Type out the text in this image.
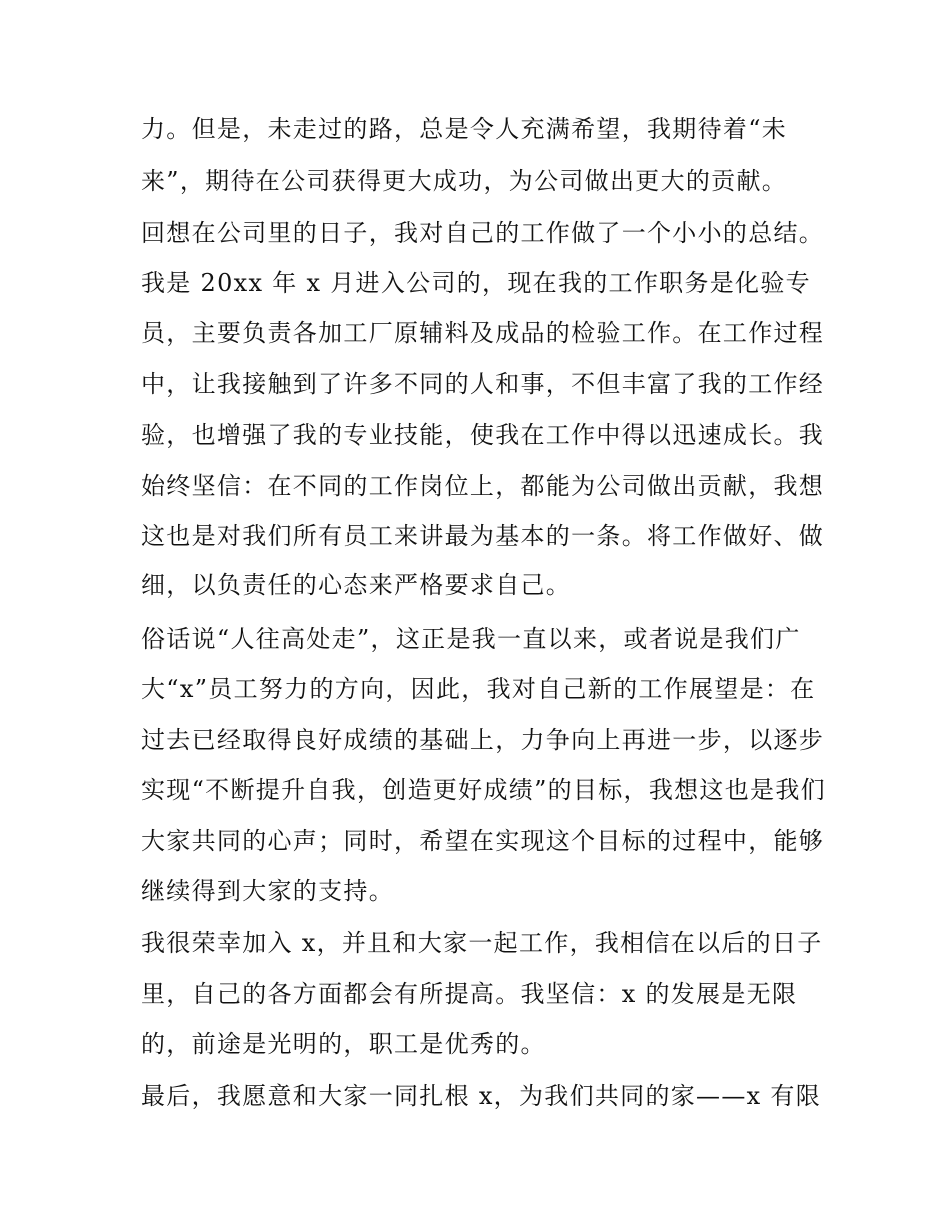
力。但是，未走过的路，总是令人充满希望，我期待着“未
来”，期待在公司获得更大成功，为公司做出更大的贡献。
回想在公司里的日子，我对自己的工作做了一个小小的总结。
我是 20xx 年 x 月进入公司的，现在我的工作职务是化验专
员，主要负责各加工厂原辅料及成品的检验工作。在工作过程
中，让我接触到了许多不同的人和事，不但丰富了我的工作经
验，也增强了我的专业技能，使我在工作中得以迅速成长。我
始终坚信：在不同的工作岗位上，都能为公司做出贡献，我想
这也是对我们所有员工来讲最为基本的一条。将工作做好、做
细，以负责任的心态来严格要求自己。
俗话说“人往高处走”，这正是我一直以来，或者说是我们广
大“x”员工努力的方向，因此，我对自己新的工作展望是：在
过去已经取得良好成绩的基础上，力争向上再进一步，以逐步
实现“不断提升自我，创造更好成绩”的目标，我想这也是我们
大家共同的心声；同时，希望在实现这个目标的过程中，能够
继续得到大家的支持。
我很荣幸加入 x，并且和大家一起工作，我相信在以后的日子
里，自己的各方面都会有所提高。我坚信：x 的发展是无限
的，前途是光明的，职工是优秀的。
最后，我愿意和大家一同扎根 x，为我们共同的家——x 有限
